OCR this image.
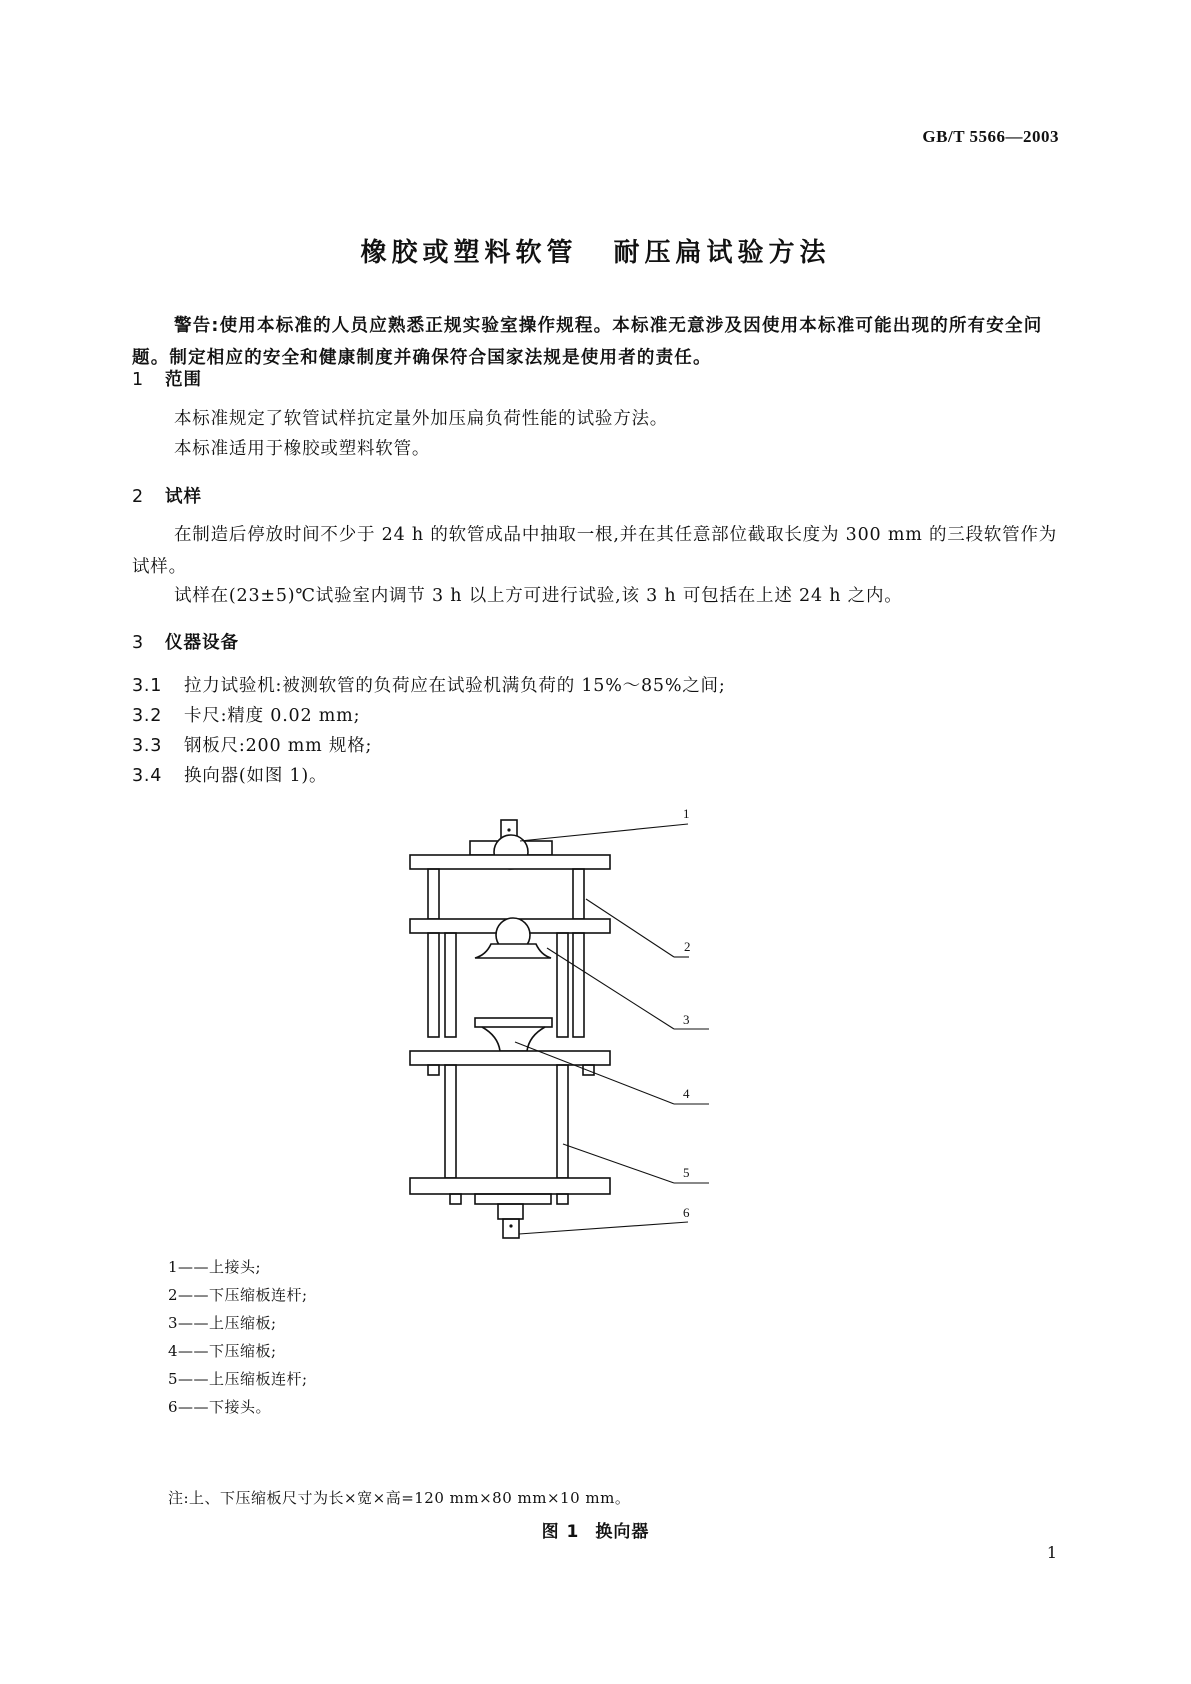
GB/T 5566—2003
橡胶或塑料软管 耐压扁试验方法
警告:使用本标准的人员应熟悉正规实验室操作规程。本标准无意涉及因使用本标准可能出现的所有安全问题。制定相应的安全和健康制度并确保符合国家法规是使用者的责任。
1 范围
本标准规定了软管试样抗定量外加压扁负荷性能的试验方法。
本标准适用于橡胶或塑料软管。
2 试样
在制造后停放时间不少于 24 h 的软管成品中抽取一根,并在其任意部位截取长度为 300 mm 的三段软管作为试样。
试样在(23±5)℃试验室内调节 3 h 以上方可进行试验,该 3 h 可包括在上述 24 h 之内。
3 仪器设备
3.1 拉力试验机:被测软管的负荷应在试验机满负荷的 15%～85%之间;
3.2 卡尺:精度 0.02 mm;
3.3 钢板尺:200 mm 规格;
3.4 换向器(如图 1)。
1
2
3
4
5
6
1——上接头;
2——下压缩板连杆;
3——上压缩板;
4——下压缩板;
5——上压缩板连杆;
6——下接头。
注:上、下压缩板尺寸为长×宽×高=120 mm×80 mm×10 mm。
图 1 换向器
1
